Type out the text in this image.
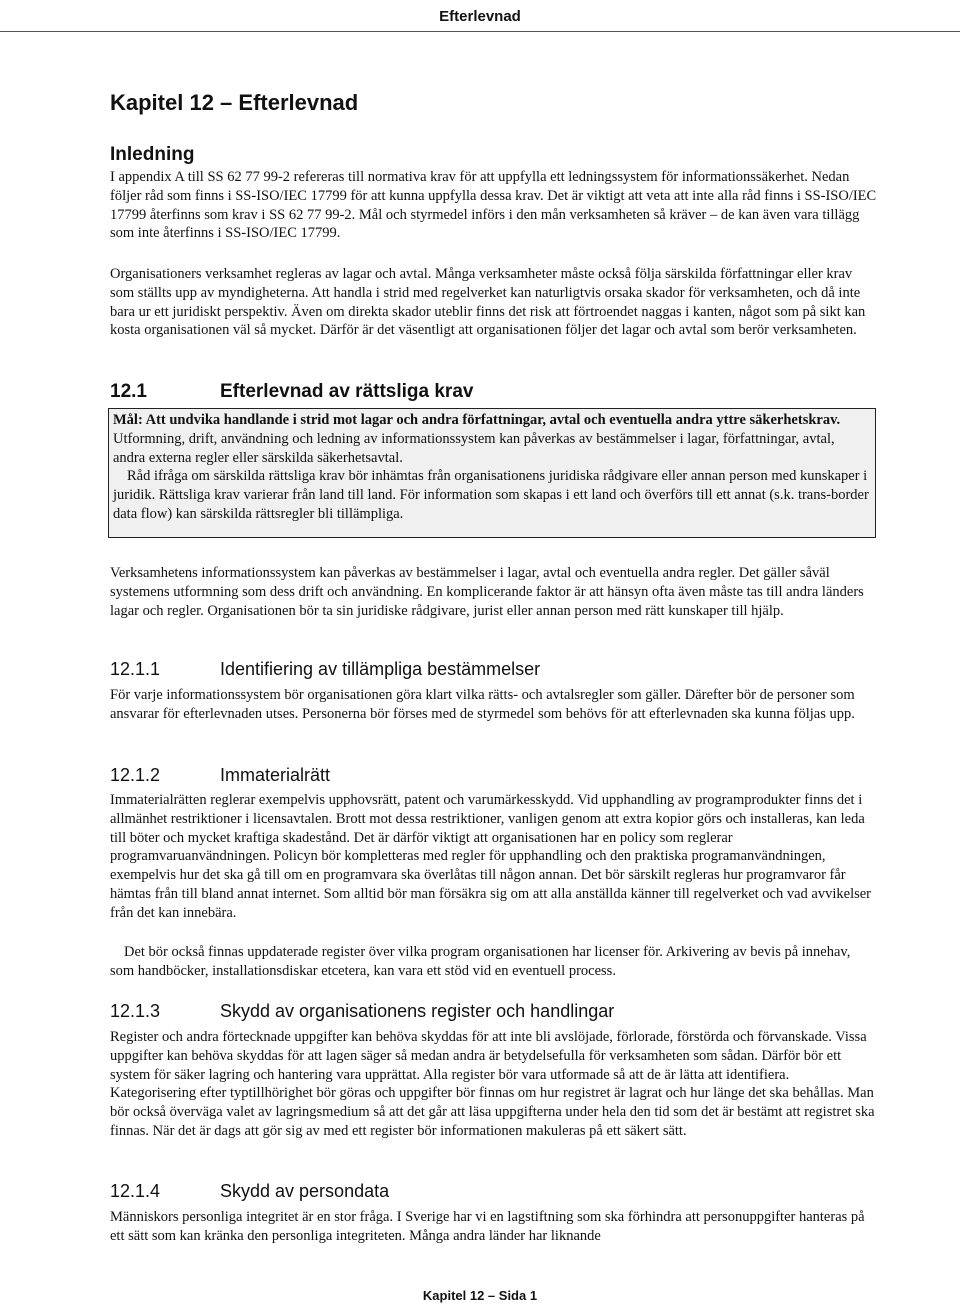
Efterlevnad
Kapitel 12 – Efterlevnad
Inledning

I appendix A till SS 62 77 99-2 refereras till normativa krav för att uppfylla ett ledningssystem för informationssäkerhet. Nedan följer råd som finns i SS-ISO/IEC 17799 för att kunna uppfylla dessa krav. Det är viktigt att veta att inte alla råd finns i SS-ISO/IEC 17799 återfinns som krav i SS 62 77 99-2. Mål och styrmedel införs i den mån verksamheten så kräver – de kan även vara tillägg som inte återfinns i SS-ISO/IEC 17799.

Organisationers verksamhet regleras av lagar och avtal. Många verksamheter måste också följa särskilda författningar eller krav som ställts upp av myndigheterna. Att handla i strid med regelverket kan naturligtvis orsaka skador för verksamheten, och då inte bara ur ett juridiskt perspektiv. Även om direkta skador uteblir finns det risk att förtroendet naggas i kanten, något som på sikt kan kosta organisationen väl så mycket. Därför är det väsentligt att organisationen följer det lagar och avtal som berör verksamheten.

12.1	Efterlevnad av rättsliga krav

Mål: Att undvika handlande i strid mot lagar och andra författningar, avtal och eventuella andra yttre säkerhetskrav.

Utformning, drift, användning och ledning av informationssystem kan påverkas av bestämmelser i lagar, författningar, avtal, andra externa regler eller särskilda säkerhetsavtal.

Råd ifråga om särskilda rättsliga krav bör inhämtas från organisationens juridiska rådgivare eller annan person med kunskaper i juridik. Rättsliga krav varierar från land till land. För information som skapas i ett land och överförs till ett annat (s.k. trans-border data flow) kan särskilda rättsregler bli tillämpliga.

Verksamhetens informationssystem kan påverkas av bestämmelser i lagar, avtal och eventuella andra regler. Det gäller såväl systemens utformning som dess drift och användning. En komplicerande faktor är att hänsyn ofta även måste tas till andra länders lagar och regler. Organisationen bör ta sin juridiske rådgivare, jurist eller annan person med rätt kunskaper till hjälp.

12.1.1	Identifiering av tillämpliga bestämmelser

För varje informationssystem bör organisationen göra klart vilka rätts- och avtalsregler som gäller. Därefter bör de personer som ansvarar för efterlevnaden utses. Personerna bör förses med de styrmedel som behövs för att efterlevnaden ska kunna följas upp.

12.1.2	Immaterialrätt

Immaterialrätten reglerar exempelvis upphovsrätt, patent och varumärkesskydd. Vid upphandling av programprodukter finns det i allmänhet restriktioner i licensavtalen. Brott mot dessa restriktioner, vanligen genom att extra kopior görs och installeras, kan leda till böter och mycket kraftiga skadestånd. Det är därför viktigt att organisationen har en policy som reglerar programvaruanvändningen. Policyn bör kompletteras med regler för upphandling och den praktiska programanvändningen, exempelvis hur det ska gå till om en programvara ska överlåtas till någon annan. Det bör särskilt regleras hur programvaror får hämtas från till bland annat internet. Som alltid bör man försäkra sig om att alla anställda känner till regelverket och vad avvikelser från det kan innebära.

Det bör också finnas uppdaterade register över vilka program organisationen har licenser för. Arkivering av bevis på innehav, som handböcker, installationsdiskar etcetera, kan vara ett stöd vid en eventuell process.

12.1.3	Skydd av organisationens register och handlingar

Register och andra förtecknade uppgifter kan behöva skyddas för att inte bli avslöjade, förlorade, förstörda och förvanskade. Vissa uppgifter kan behöva skyddas för att lagen säger så medan andra är betydelsefulla för verksamheten som sådan. Därför bör ett system för säker lagring och hantering vara upprättat. Alla register bör vara utformade så att de är lätta att identifiera. Kategorisering efter typtillhörighet bör göras och uppgifter bör finnas om hur registret är lagrat och hur länge det ska behållas. Man bör också överväga valet av lagringsmedium så att det går att läsa uppgifterna under hela den tid som det är bestämt att registret ska finnas. När det är dags att gör sig av med ett register bör informationen makuleras på ett säkert sätt.

12.1.4	Skydd av persondata

Människors personliga integritet är en stor fråga. I Sverige har vi en lagstiftning som ska förhindra att personuppgifter hanteras på ett sätt som kan kränka den personliga integriteten. Många andra länder har liknande

Kapitel 12 – Sida 1
